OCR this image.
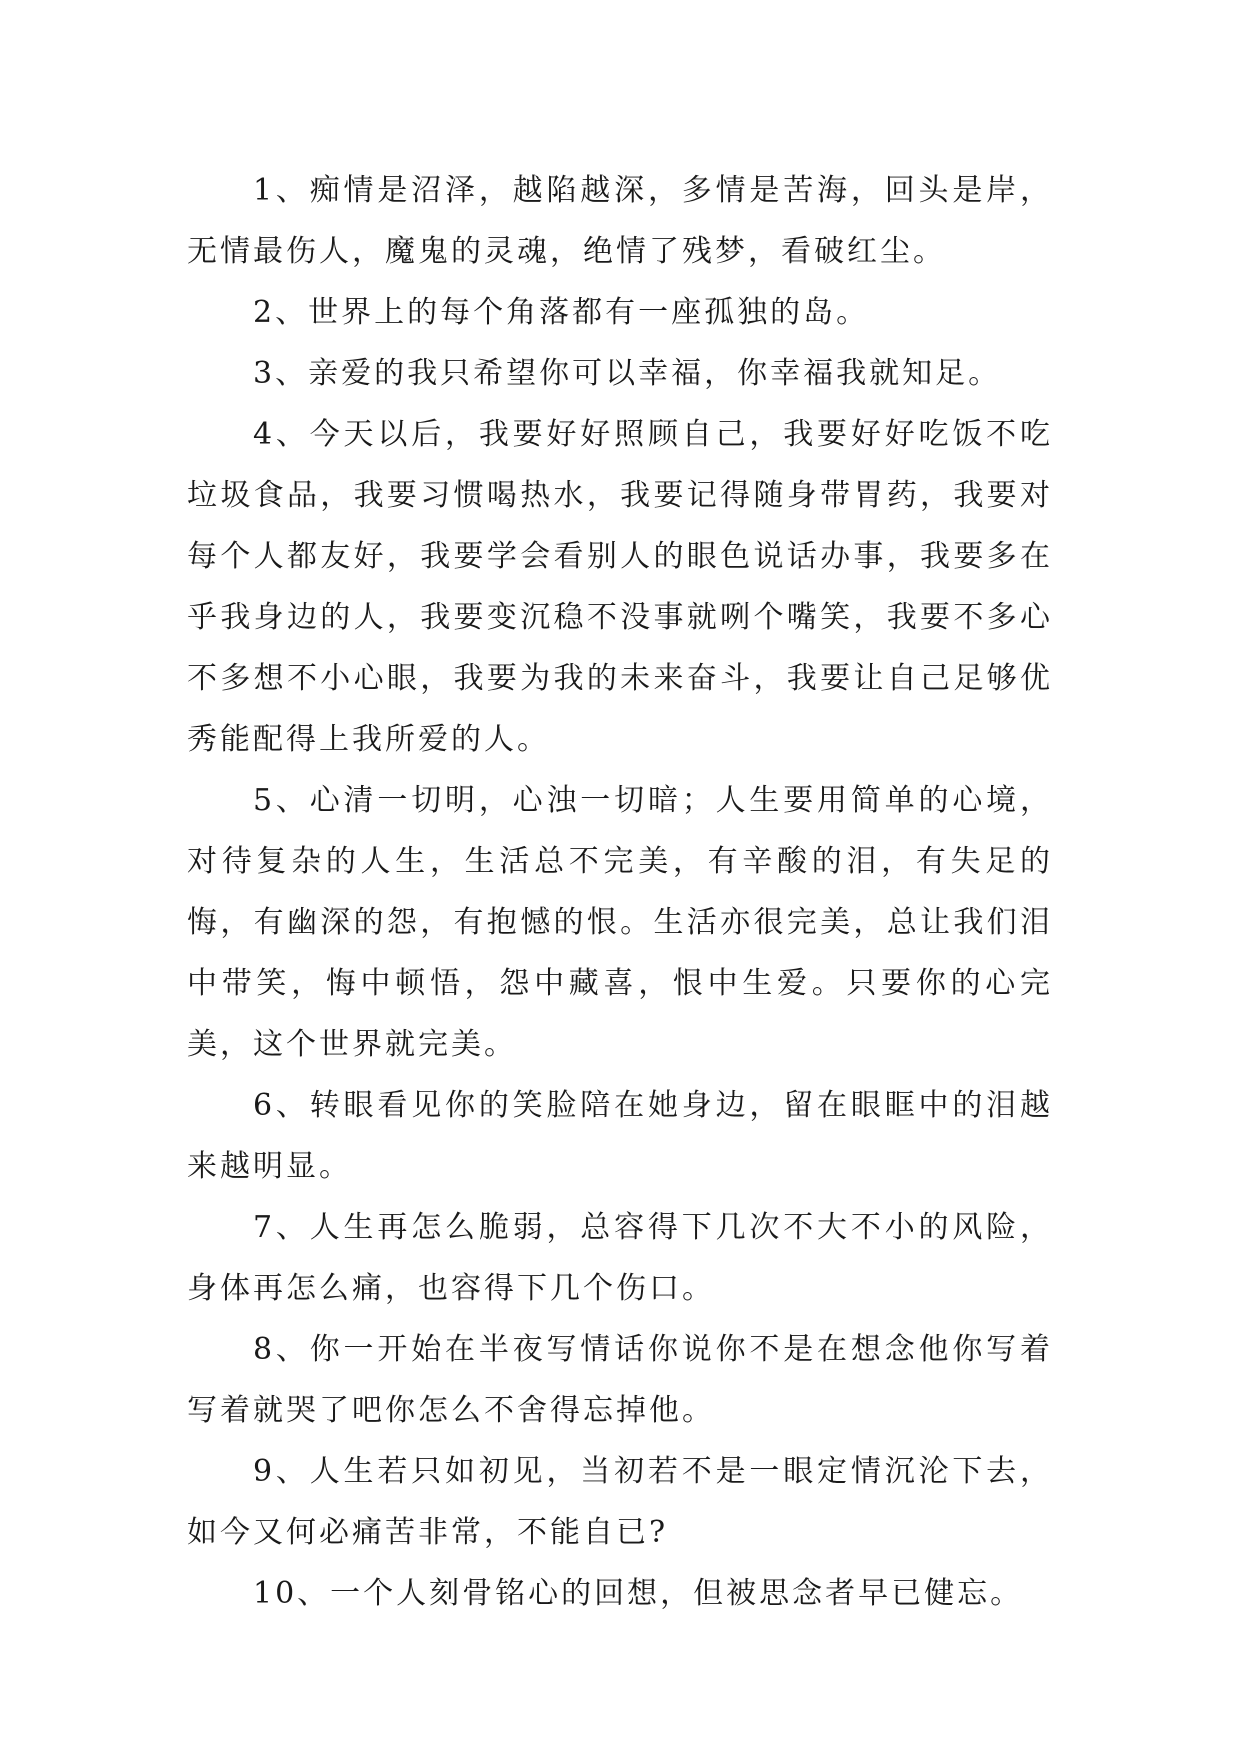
1、痴情是沼泽，越陷越深，多情是苦海，回头是岸，无情最伤人，魔鬼的灵魂，绝情了残梦，看破红尘。

2、世界上的每个角落都有一座孤独的岛。

3、亲爱的我只希望你可以幸福，你幸福我就知足。

4、今天以后，我要好好照顾自己，我要好好吃饭不吃垃圾食品，我要习惯喝热水，我要记得随身带胃药，我要对每个人都友好，我要学会看别人的眼色说话办事，我要多在乎我身边的人，我要变沉稳不没事就咧个嘴笑，我要不多心不多想不小心眼，我要为我的未来奋斗，我要让自己足够优秀能配得上我所爱的人。

5、心清一切明，心浊一切暗；人生要用简单的心境，对待复杂的人生，生活总不完美，有辛酸的泪，有失足的悔，有幽深的怨，有抱憾的恨。生活亦很完美，总让我们泪中带笑，悔中顿悟，怨中藏喜，恨中生爱。只要你的心完美，这个世界就完美。

6、转眼看见你的笑脸陪在她身边，留在眼眶中的泪越来越明显。

7、人生再怎么脆弱，总容得下几次不大不小的风险，身体再怎么痛，也容得下几个伤口。

8、你一开始在半夜写情话你说你不是在想念他你写着写着就哭了吧你怎么不舍得忘掉他。

9、人生若只如初见，当初若不是一眼定情沉沦下去，如今又何必痛苦非常，不能自已?

10、一个人刻骨铭心的回想，但被思念者早已健忘。
